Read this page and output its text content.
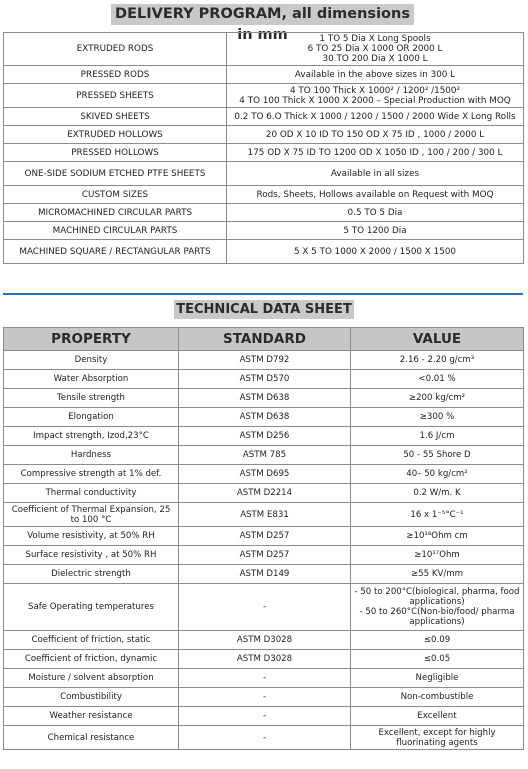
DELIVERY PROGRAM, all dimensions in mm
EXTRUDED RODS	1 TO 5 Dia X Long Spools
6 TO 25 Dia X 1000 OR 2000 L
30 TO 200 Dia X 1000 L
PRESSED RODS	Available in the above sizes in 300 L
PRESSED SHEETS	4 TO 100 Thick X 1000² / 1200² /1500²
4 TO 100 Thick X 1000 X 2000 – Special Production with MOQ
SKIVED SHEETS	0.2 TO 6.O Thick X 1000 / 1200 / 1500 / 2000 Wide X Long Rolls
EXTRUDED HOLLOWS	20 OD X 10 ID TO 150 OD X 75 ID , 1000 / 2000 L
PRESSED HOLLOWS	175 OD X 75 ID TO 1200 OD X 1050 ID , 100 / 200 / 300 L
ONE-SIDE SODIUM ETCHED PTFE SHEETS	Available in all sizes
CUSTOM SIZES	Rods, Sheets, Hollows available on Request with MOQ
MICROMACHINED CIRCULAR PARTS	0.5 TO 5 Dia
MACHINED CIRCULAR PARTS	5 TO 1200 Dia
MACHINED SQUARE / RECTANGULAR PARTS	5 X 5 TO 1000 X 2000 / 1500 X 1500
TECHNICAL DATA SHEET
PROPERTY	STANDARD	VALUE
Density	ASTM D792	2.16 - 2.20 g/cm³
Water Absorption	ASTM D570	<0.01 %
Tensile strength	ASTM D638	≥200 kg/cm²
Elongation	ASTM D638	≥300 %
Impact strength, Izod,23°C	ASTM D256	1.6 J/cm
Hardness	ASTM 785	50 - 55 Shore D
Compressive strength at 1% def.	ASTM D695	40– 50 kg/cm²
Thermal conductivity	ASTM D2214	0.2 W/m. K
Coefficient of Thermal Expansion, 25 to 100 °C	ASTM E831	16 x 1⁻⁵°C⁻¹
Volume resistivity, at 50% RH	ASTM D257	≥10¹⁸Ohm cm
Surface resistivity , at 50% RH	ASTM D257	≥10¹⁷Ohm
Dielectric strength	ASTM D149	≥55 KV/mm
Safe Operating temperatures	-	- 50 to 200°C(biological, pharma, food applications)
- 50 to 260°C(Non-bio/food/ pharma applications)
Coefficient of friction, static	ASTM D3028	≤0.09
Coefficient of friction, dynamic	ASTM D3028	≤0.05
Moisture / solvent absorption	-	Negligible
Combustibility	-	Non-combustible
Weather resistance	-	Excellent
Chemical resistance	-	Excellent, except for highly fluorinating agents
